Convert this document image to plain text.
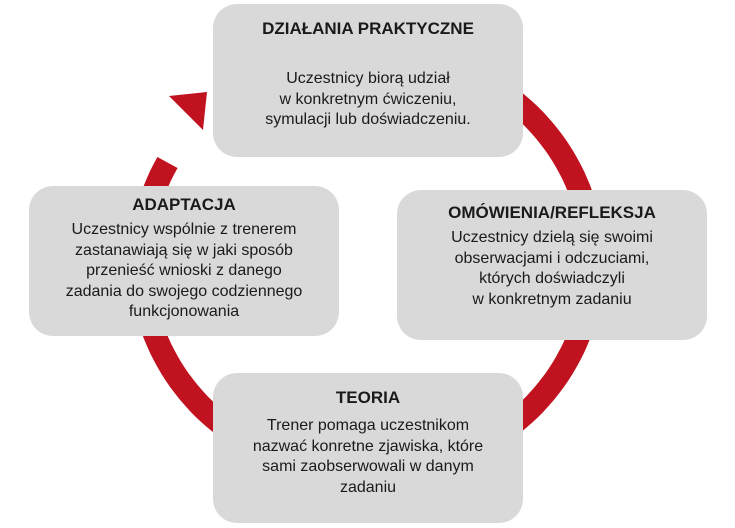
DZIAŁANIA PRAKTYCZNE
Uczestnicy biorą udział
w konkretnym ćwiczeniu,
symulacji lub doświadczeniu.
OMÓWIENIA/REFLEKSJA
Uczestnicy dzielą się swoimi
obserwacjami i odczuciami,
których doświadczyli
w konkretnym zadaniu
TEORIA
Trener pomaga uczestnikom
nazwać konretne zjawiska, które
sami zaobserwowali w danym
zadaniu
ADAPTACJA
Uczestnicy wspólnie z trenerem
zastanawiają się w jaki sposób
przenieść wnioski z danego
zadania do swojego codziennego
funkcjonowania
